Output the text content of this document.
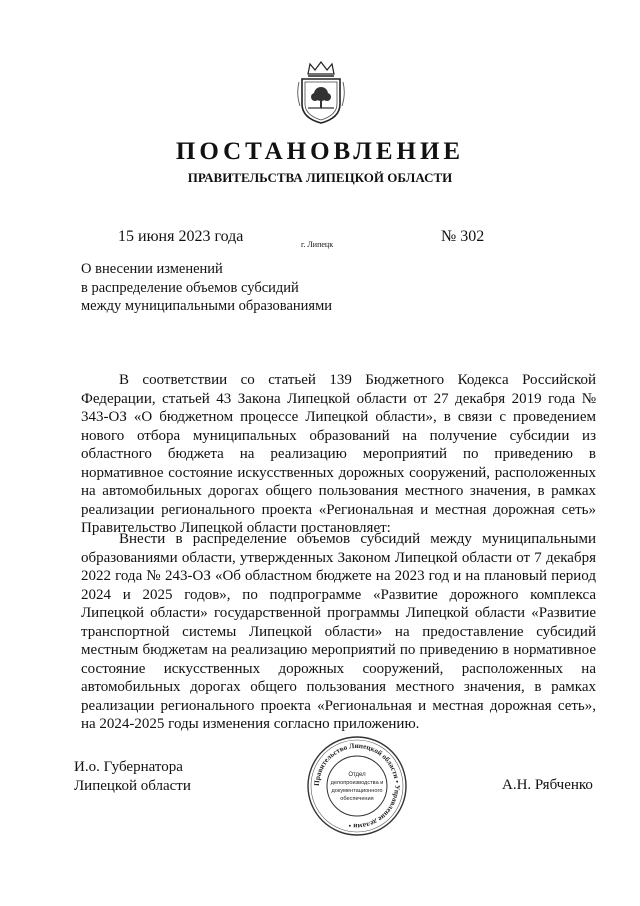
ПОСТАНОВЛЕНИЕ
ПРАВИТЕЛЬСТВА ЛИПЕЦКОЙ ОБЛАСТИ
15 июня 2023 года	г. Липецк	№ 302
О внесении изменений
в распределение объемов субсидий
между муниципальными образованиями
В соответствии со статьей 139 Бюджетного Кодекса Российской Федерации, статьей 43 Закона Липецкой области от 27 декабря 2019 года № 343-ОЗ «О бюджетном процессе Липецкой области», в связи с проведением нового отбора муниципальных образований на получение субсидии из областного бюджета на реализацию мероприятий по приведению в нормативное состояние искусственных дорожных сооружений, расположенных на автомобильных дорогах общего пользования местного значения, в рамках реализации регионального проекта «Региональная и местная дорожная сеть» Правительство Липецкой области постановляет:
Внести в распределение объемов субсидий между муниципальными образованиями области, утвержденных Законом Липецкой области от 7 декабря 2022 года № 243-ОЗ «Об областном бюджете на 2023 год и на плановый период 2024 и 2025 годов», по подпрограмме «Развитие дорожного комплекса Липецкой области» государственной программы Липецкой области «Развитие транспортной системы Липецкой области» на предоставление субсидий местным бюджетам на реализацию мероприятий по приведению в нормативное состояние искусственных дорожных сооружений, расположенных на автомобильных дорогах общего пользования местного значения, в рамках реализации регионального проекта «Региональная и местная дорожная сеть», на 2024-2025 годы изменения согласно приложению.
И.о. Губернатора
Липецкой области	А.Н. Рябченко
Правительство Липецкой области • Управление делами •
Отдел
делопроизводства и
документационного
обеспечения
